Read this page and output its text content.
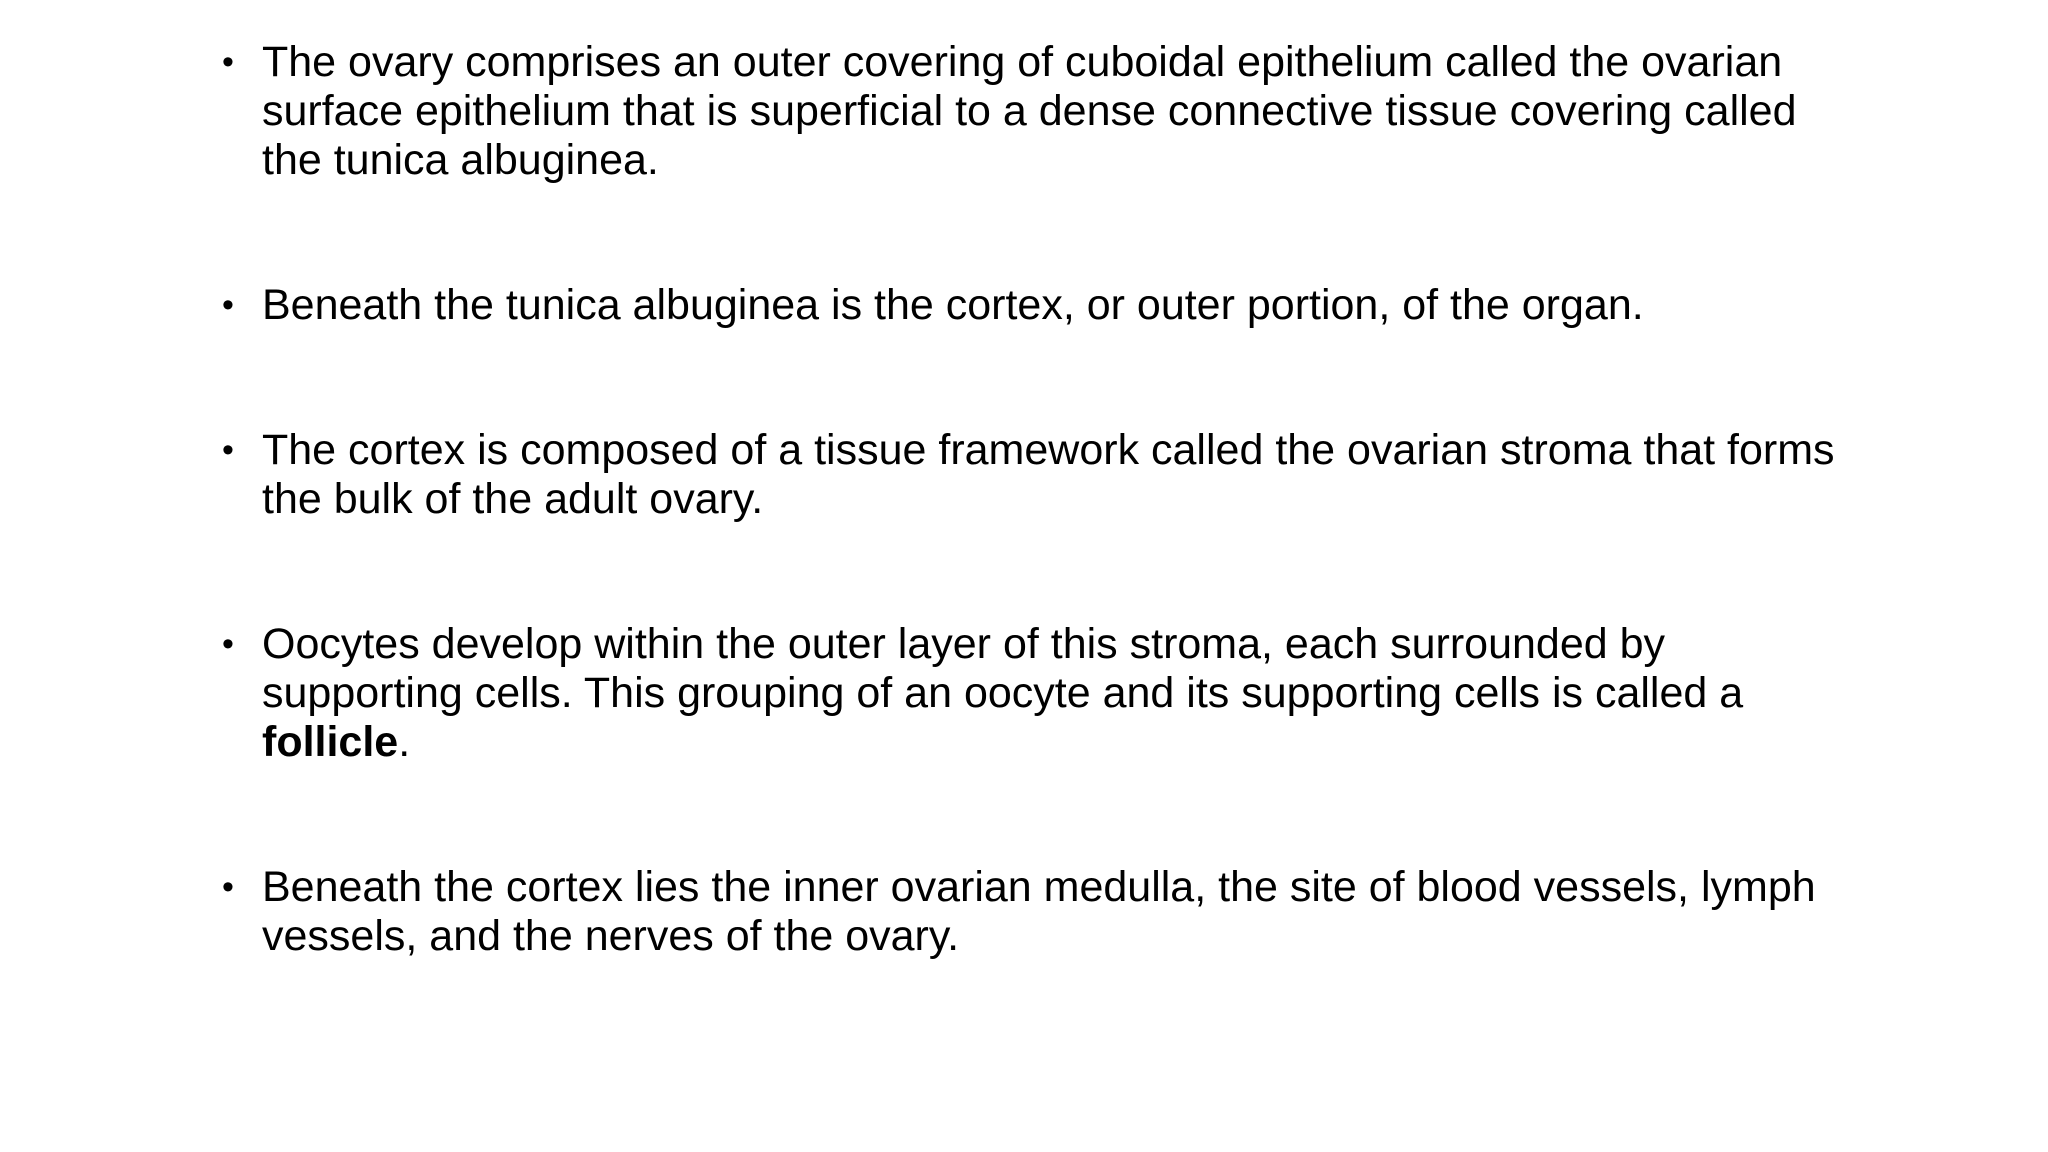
• The ovary comprises an outer covering of cuboidal epithelium called the ovarian surface epithelium that is superficial to a dense connective tissue covering called the tunica albuginea.
• Beneath the tunica albuginea is the cortex, or outer portion, of the organ.
• The cortex is composed of a tissue framework called the ovarian stroma that forms the bulk of the adult ovary.
• Oocytes develop within the outer layer of this stroma, each surrounded by supporting cells. This grouping of an oocyte and its supporting cells is called a follicle.
• Beneath the cortex lies the inner ovarian medulla, the site of blood vessels, lymph vessels, and the nerves of the ovary.
